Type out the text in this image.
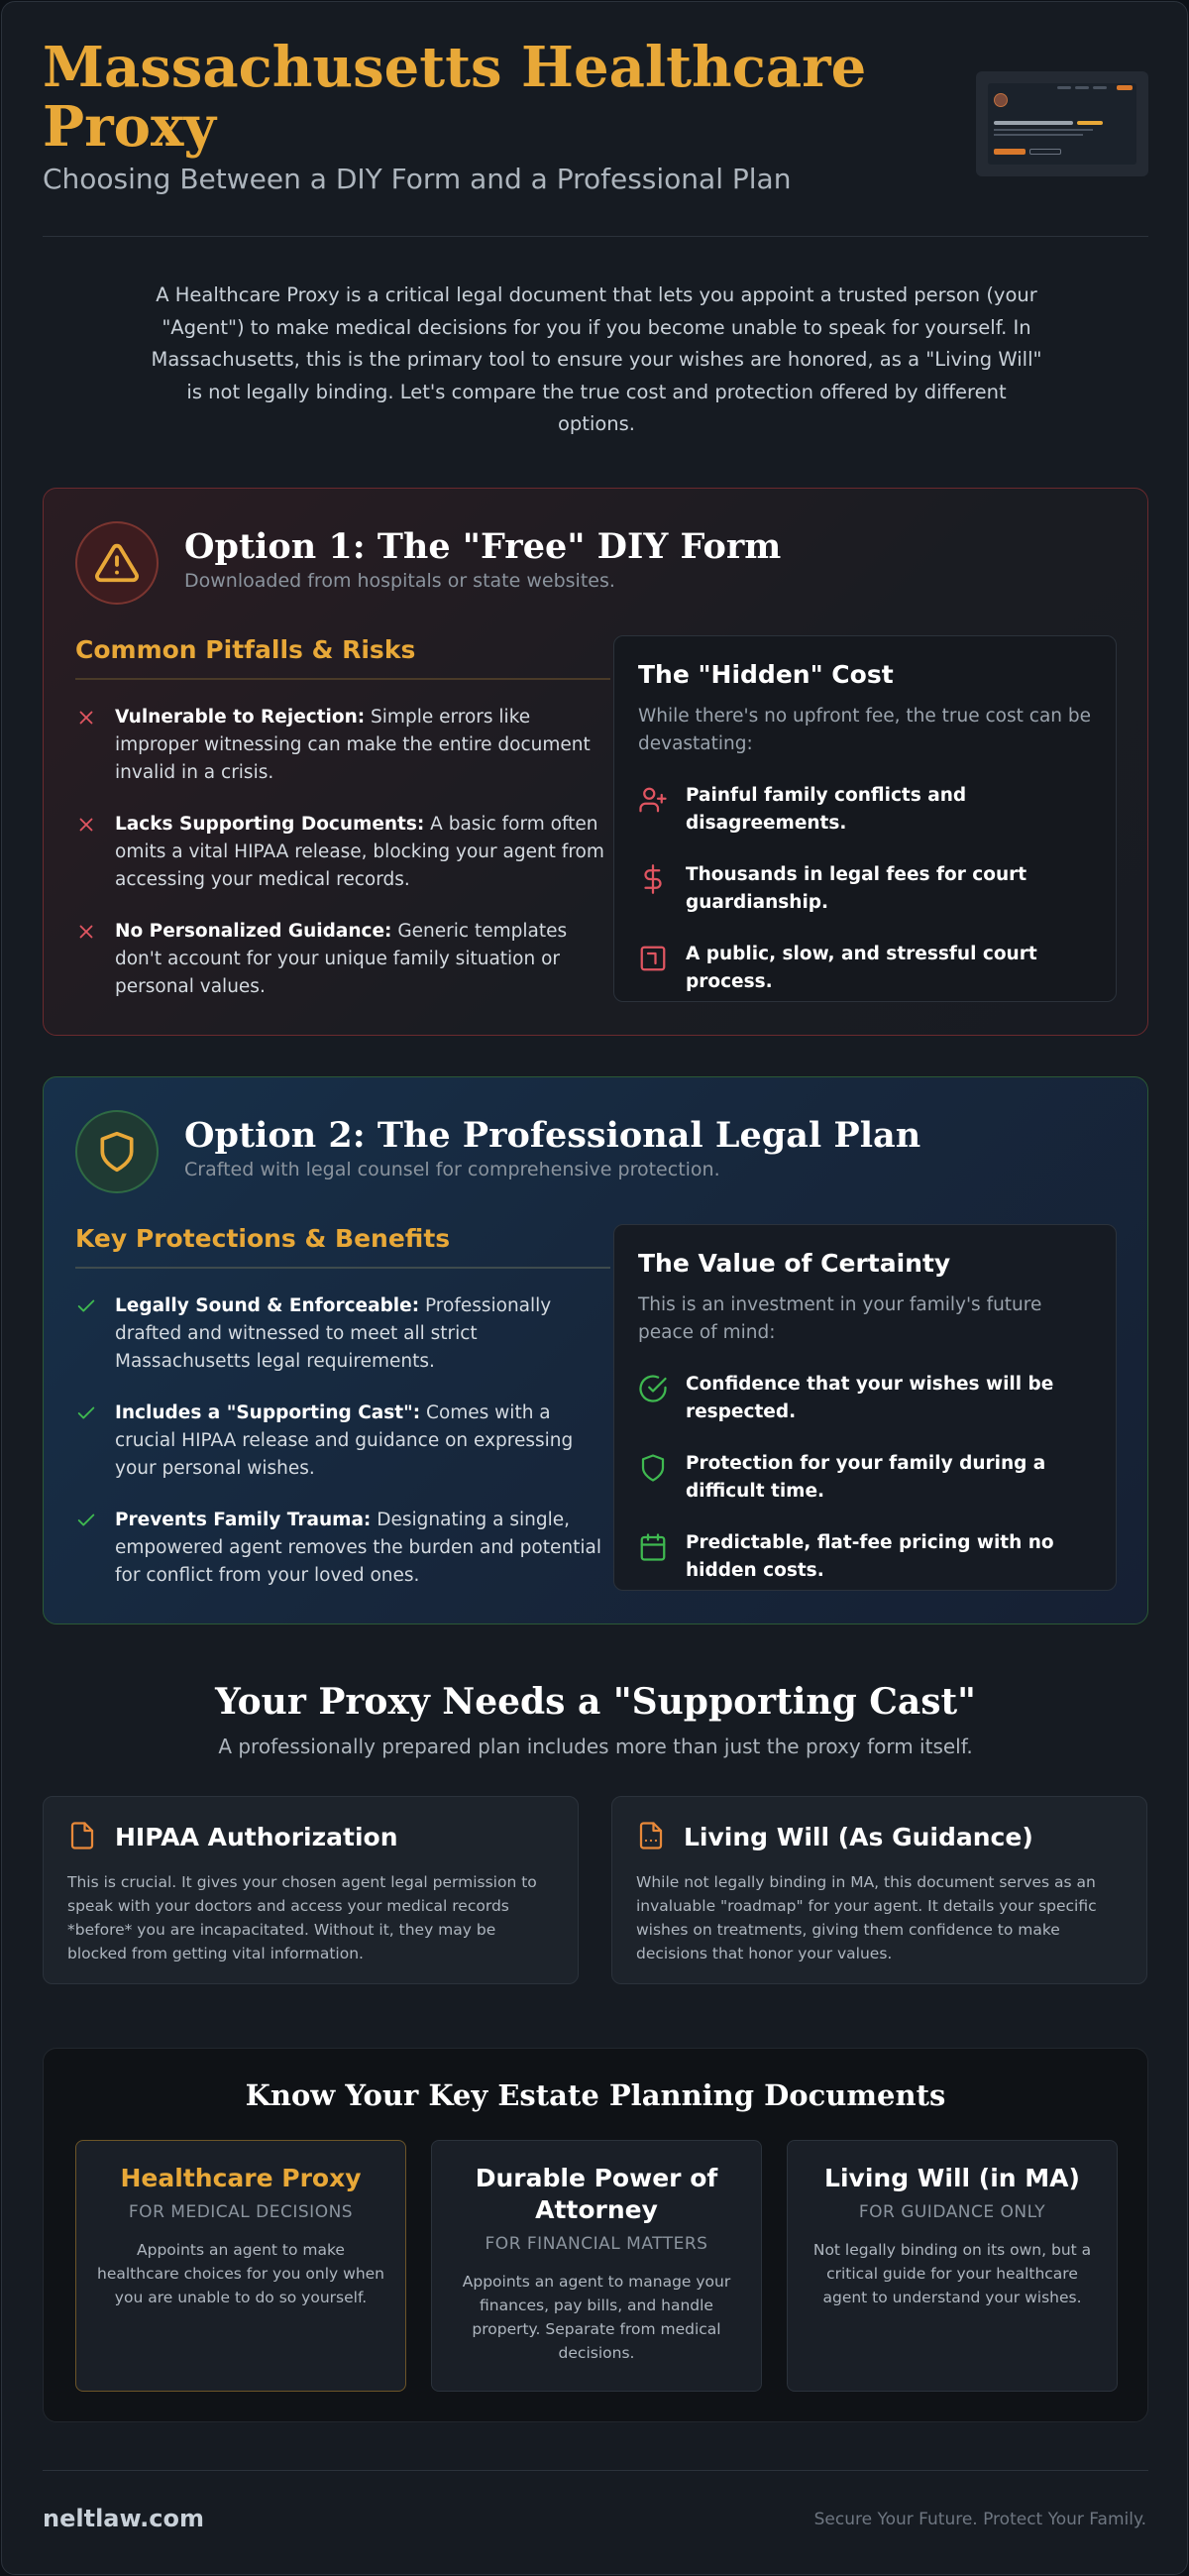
Massachusetts Healthcare Proxy
Choosing Between a DIY Form and a Professional Plan

A Healthcare Proxy is a critical legal document that lets you appoint a trusted person (your "Agent") to make medical decisions for you if you become unable to speak for yourself. In Massachusetts, this is the primary tool to ensure your wishes are honored, as a "Living Will" is not legally binding. Let's compare the true cost and protection offered by different options.

Option 1: The "Free" DIY Form
Downloaded from hospitals or state websites.
Common Pitfalls & Risks
Vulnerable to Rejection: Simple errors like improper witnessing can make the entire document invalid in a crisis.
Lacks Supporting Documents: A basic form often omits a vital HIPAA release, blocking your agent from accessing your medical records.
No Personalized Guidance: Generic templates don't account for your unique family situation or personal values.
The "Hidden" Cost
While there's no upfront fee, the true cost can be devastating:
Painful family conflicts and disagreements.
Thousands in legal fees for court guardianship.
A public, slow, and stressful court process.
Option 2: The Professional Legal Plan
Crafted with legal counsel for comprehensive protection.
Key Protections & Benefits
Legally Sound & Enforceable: Professionally drafted and witnessed to meet all strict Massachusetts legal requirements.
Includes a "Supporting Cast": Comes with a crucial HIPAA release and guidance on expressing your personal wishes.
Prevents Family Trauma: Designating a single, empowered agent removes the burden and potential for conflict from your loved ones.
The Value of Certainty
This is an investment in your family's future peace of mind:
Confidence that your wishes will be respected.
Protection for your family during a difficult time.
Predictable, flat-fee pricing with no hidden costs.
Your Proxy Needs a "Supporting Cast"
A professionally prepared plan includes more than just the proxy form itself.
HIPAA Authorization
This is crucial. It gives your chosen agent legal permission to speak with your doctors and access your medical records *before* you are incapacitated. Without it, they may be blocked from getting vital information.
Living Will (As Guidance)
While not legally binding in MA, this document serves as an invaluable "roadmap" for your agent. It details your specific wishes on treatments, giving them confidence to make decisions that honor your values.
Know Your Key Estate Planning Documents
Healthcare Proxy
FOR MEDICAL DECISIONS
Appoints an agent to make healthcare choices for you only when you are unable to do so yourself.
Durable Power of Attorney
FOR FINANCIAL MATTERS
Appoints an agent to manage your finances, pay bills, and handle property. Separate from medical decisions.
Living Will (in MA)
FOR GUIDANCE ONLY
Not legally binding on its own, but a critical guide for your healthcare agent to understand your wishes.
neltlaw.com	Secure Your Future. Protect Your Family.
